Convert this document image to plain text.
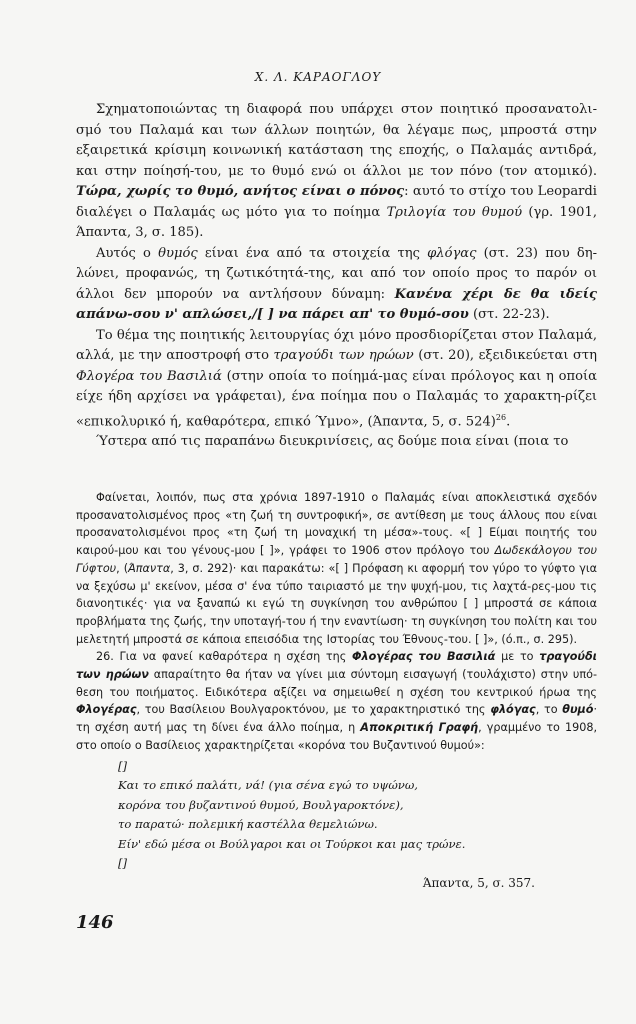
Χ. Λ. ΚΑΡΑΟΓΛΟΥ

Σχηματοποιώντας τη διαφορά που υπάρχει στον ποιητικό προσανατολι-σμό του Παλαμά και των άλλων ποιητών, θα λέγαμε πως, μπροστά στην εξαιρετικά κρίσιμη κοινωνική κατάσταση της εποχής, ο Παλαμάς αντιδρά, και στην ποίησή-του, με το θυμό ενώ οι άλλοι με τον πόνο (τον ατομικό). Τώρα, χωρίς το θυμό, ανήτος είναι ο πόνος: αυτό το στίχο του Leopardi διαλέγει ο Παλαμάς ως μότο για το ποίημα Τριλογία του θυμού (γρ. 1901, Άπαντα, 3, σ. 185).

Αυτός ο θυμός είναι ένα από τα στοιχεία της φλόγας (στ. 23) που δη-λώνει, προφανώς, τη ζωτικότητά-της, και από τον οποίο προς το παρόν οι άλλοι δεν μπορούν να αντλήσουν δύναμη: Κανένα χέρι δε θα ιδείς απάνω-σου ν' απλώσει,/[ ] να πάρει απ' το θυμό-σου (στ. 22-23).

Το θέμα της ποιητικής λειτουργίας όχι μόνο προσδιορίζεται στον Παλαμά, αλλά, με την αποστροφή στο τραγούδι των ηρώων (στ. 20), εξειδικεύεται στη Φλογέρα του Βασιλιά (στην οποία το ποίημά-μας είναι πρόλογος και η οποία είχε ήδη αρχίσει να γράφεται), ένα ποίημα που ο Παλαμάς το χαρακτη-ρίζει «επικολυρικό ή, καθαρότερα, επικό Ύμνο», (Άπαντα, 5, σ. 524)$^{26}$.

Ύστερα από τις παραπάνω διευκρινίσεις, ας δούμε ποια είναι (ποια το

Φαίνεται, λοιπόν, πως στα χρόνια 1897-1910 ο Παλαμάς είναι αποκλειστικά σχεδόν προσανατολισμένος προς «τη ζωή τη συντροφική», σε αντίθεση με τους άλλους που είναι προσανατολισμένοι προς «τη ζωή τη μοναχική τη μέσα»-τους. «[ ] Είμαι ποιητής του καιρού-μου και του γένους-μου [ ]», γράφει το 1906 στον πρόλογο του Δωδεκάλογου του Γύφτου, (Άπαντα, 3, σ. 292)· και παρακάτω: «[ ] Πρόφαση κι αφορμή τον γύρο το γύφτο για να ξεχύσω μ' εκείνον, μέσα σ' ένα τύπο ταιριαστό με την ψυχή-μου, τις λαχτά-ρες-μου τις διανοητικές· για να ξαναπώ κι εγώ τη συγκίνηση του ανθρώπου [ ] μπροστά σε κάποια προβλήματα της ζωής, την υποταγή-του ή την εναντίωση· τη συγκίνηση του πολίτη και του μελετητή μπροστά σε κάποια επεισόδια της Ιστορίας του Έθνους-του. [ ]», (ό.π., σ. 295).

26. Για να φανεί καθαρότερα η σχέση της Φλογέρας του Βασιλιά με το τραγούδι των ηρώων απαραίτητο θα ήταν να γίνει μια σύντομη εισαγωγή (τουλάχιστο) στην υπό-θεση του ποιήματος. Ειδικότερα αξίζει να σημειωθεί η σχέση του κεντρικού ήρωα της Φλογέρας, του Βασίλειου Βουλγαροκτόνου, με το χαρακτηριστικό της φλόγας, το θυμό· τη σχέση αυτή μας τη δίνει ένα άλλο ποίημα, η Αποκριτική Γραφή, γραμμένο το 1908, στο οποίο ο Βασίλειος χαρακτηρίζεται «κορόνα του Βυζαντινού θυμού»:

[]
Και το επικό παλάτι, νά! (για σένα εγώ το υψώνω,
κορόνα του βυζαντινού θυμού, Βουλγαροκτόνε),
το παρατώ· πολεμική καστέλλα θεμελιώνω.
Είν' εδώ μέσα οι Βούλγαροι και οι Τούρκοι και μας τρώνε.
[]
Άπαντα, 5, σ. 357.
146
